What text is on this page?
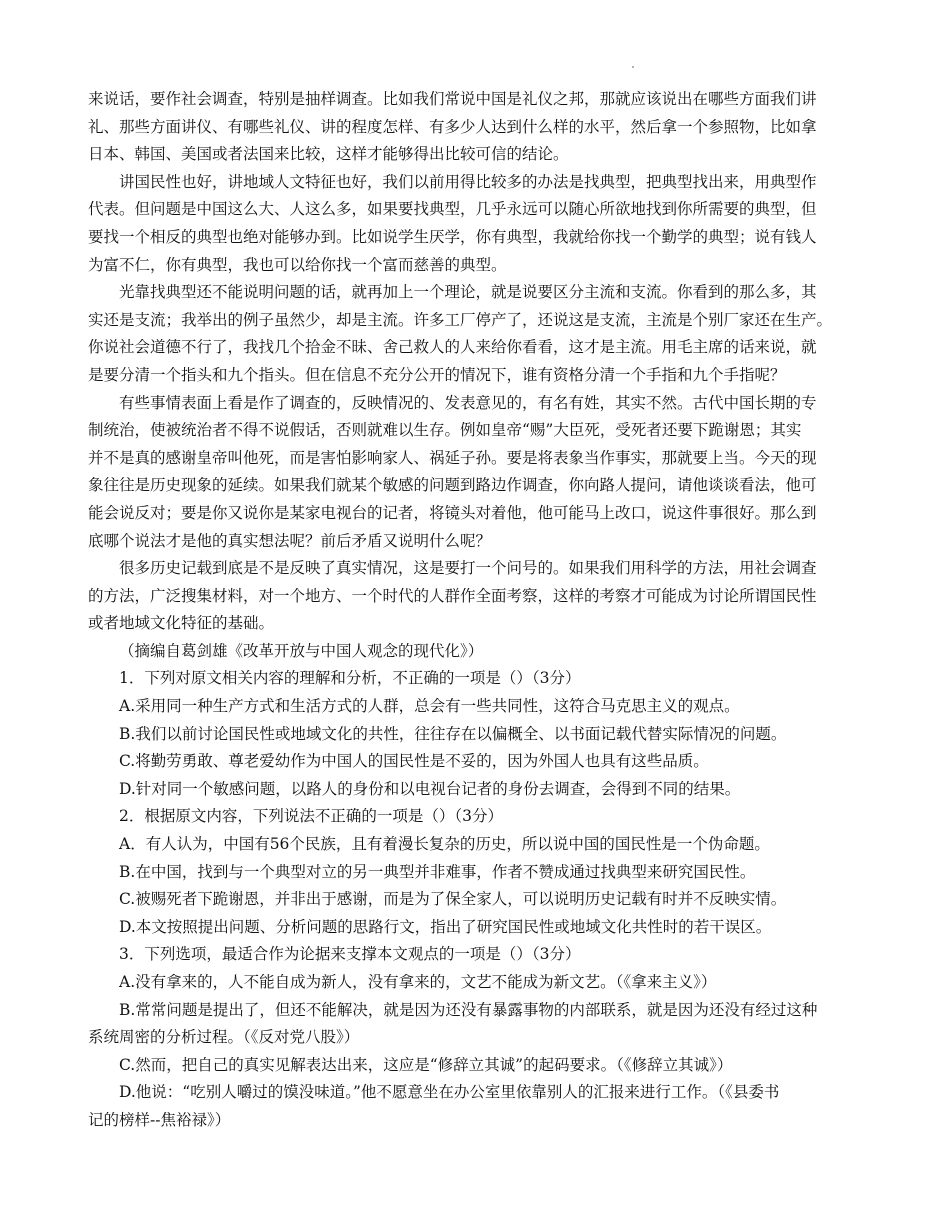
来说话，要作社会调查，特别是抽样调查。比如我们常说中国是礼仪之邦，那就应该说出在哪些方面我们讲
礼、那些方面讲仪、有哪些礼仪、讲的程度怎样、有多少人达到什么样的水平，然后拿一个参照物，比如拿
日本、韩国、美国或者法国来比较，这样才能够得出比较可信的结论。
讲国民性也好，讲地域人文特征也好，我们以前用得比较多的办法是找典型，把典型找出来，用典型作
代表。但问题是中国这么大、人这么多，如果要找典型，几乎永远可以随心所欲地找到你所需要的典型，但
要找一个相反的典型也绝对能够办到。比如说学生厌学，你有典型，我就给你找一个勤学的典型；说有钱人
为富不仁，你有典型，我也可以给你找一个富而慈善的典型。
光靠找典型还不能说明问题的话，就再加上一个理论，就是说要区分主流和支流。你看到的那么多，其
实还是支流；我举出的例子虽然少，却是主流。许多工厂停产了，还说这是支流，主流是个别厂家还在生产。
你说社会道德不行了，我找几个拾金不昧、舍己救人的人来给你看看，这才是主流。用毛主席的话来说，就
是要分清一个指头和九个指头。但在信息不充分公开的情况下，谁有资格分清一个手指和九个手指呢？
有些事情表面上看是作了调查的，反映情况的、发表意见的，有名有姓，其实不然。古代中国长期的专
制统治，使被统治者不得不说假话，否则就难以生存。例如皇帝“赐”大臣死，受死者还要下跪谢恩；其实
并不是真的感谢皇帝叫他死，而是害怕影响家人、祸延子孙。要是将表象当作事实，那就要上当。今天的现
象往往是历史现象的延续。如果我们就某个敏感的问题到路边作调查，你向路人提问，请他谈谈看法，他可
能会说反对；要是你又说你是某家电视台的记者，将镜头对着他，他可能马上改口，说这件事很好。那么到
底哪个说法才是他的真实想法呢？前后矛盾又说明什么呢？
很多历史记载到底是不是反映了真实情况，这是要打一个问号的。如果我们用科学的方法，用社会调查
的方法，广泛搜集材料，对一个地方、一个时代的人群作全面考察，这样的考察才可能成为讨论所谓国民性
或者地域文化特征的基础。
（摘编自葛剑雄《改革开放与中国人观念的现代化》）
1．下列对原文相关内容的理解和分析，不正确的一项是（）（3分）
A.采用同一种生产方式和生活方式的人群，总会有一些共同性，这符合马克思主义的观点。
B.我们以前讨论国民性或地域文化的共性，往往存在以偏概全、以书面记载代替实际情况的问题。
C.将勤劳勇敢、尊老爱幼作为中国人的国民性是不妥的，因为外国人也具有这些品质。
D.针对同一个敏感问题，以路人的身份和以电视台记者的身份去调查，会得到不同的结果。
2．根据原文内容，下列说法不正确的一项是（）（3分）
A．有人认为，中国有56个民族，且有着漫长复杂的历史，所以说中国的国民性是一个伪命题。
B.在中国，找到与一个典型对立的另一典型并非难事，作者不赞成通过找典型来研究国民性。
C.被赐死者下跪谢恩，并非出于感谢，而是为了保全家人，可以说明历史记载有时并不反映实情。
D.本文按照提出问题、分析问题的思路行文，指出了研究国民性或地域文化共性时的若干误区。
3．下列选项，最适合作为论据来支撑本文观点的一项是（）（3分）
A.没有拿来的，人不能自成为新人，没有拿来的，文艺不能成为新文艺。（《拿来主义》）
B.常常问题是提出了，但还不能解决，就是因为还没有暴露事物的内部联系，就是因为还没有经过这种
系统周密的分析过程。（《反对党八股》）
C.然而，把自己的真实见解表达出来，这应是“修辞立其诚”的起码要求。（《修辞立其诚》）
D.他说：“吃别人嚼过的馍没味道。”他不愿意坐在办公室里依靠别人的汇报来进行工作。（《县委书
记的榜样--焦裕禄》）
